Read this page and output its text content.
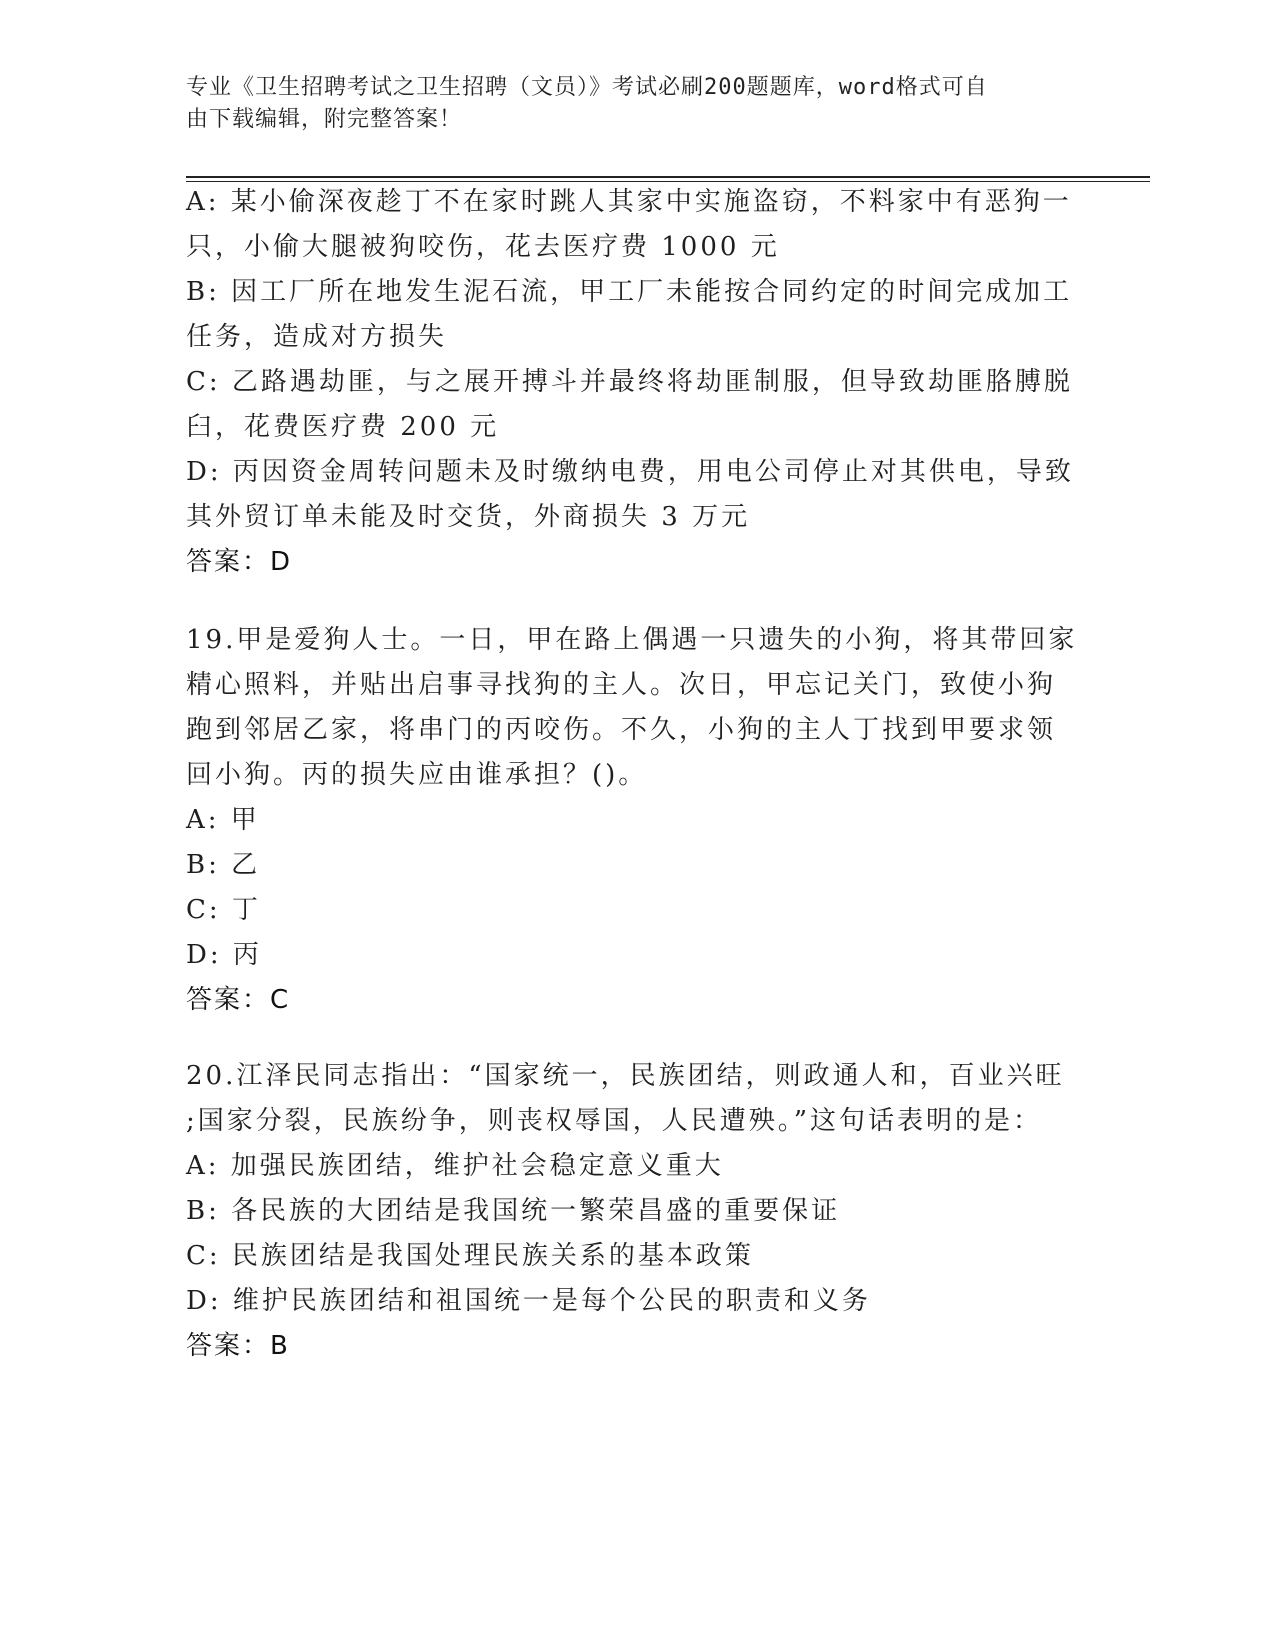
专业《卫生招聘考试之卫生招聘（文员）》考试必刷200题题库，word格式可自
由下载编辑，附完整答案！
A: 某小偷深夜趁丁不在家时跳人其家中实施盗窃，不料家中有恶狗一
只，小偷大腿被狗咬伤，花去医疗费 1000 元
B: 因工厂所在地发生泥石流，甲工厂未能按合同约定的时间完成加工
任务，造成对方损失
C: 乙路遇劫匪，与之展开搏斗并最终将劫匪制服，但导致劫匪胳膊脱
臼，花费医疗费 200 元
D: 丙因资金周转问题未及时缴纳电费，用电公司停止对其供电，导致
其外贸订单未能及时交货，外商损失 3 万元
答案：D
19.甲是爱狗人士。一日，甲在路上偶遇一只遗失的小狗，将其带回家
精心照料，并贴出启事寻找狗的主人。次日，甲忘记关门，致使小狗
跑到邻居乙家，将串门的丙咬伤。不久，小狗的主人丁找到甲要求领
回小狗。丙的损失应由谁承担？()。
A: 甲
B: 乙
C: 丁
D: 丙
答案：C
20.江泽民同志指出：“国家统一，民族团结，则政通人和，百业兴旺
;国家分裂，民族纷争，则丧权辱国，人民遭殃。”这句话表明的是：
A: 加强民族团结，维护社会稳定意义重大
B: 各民族的大团结是我国统一繁荣昌盛的重要保证
C: 民族团结是我国处理民族关系的基本政策
D: 维护民族团结和祖国统一是每个公民的职责和义务
答案：B
